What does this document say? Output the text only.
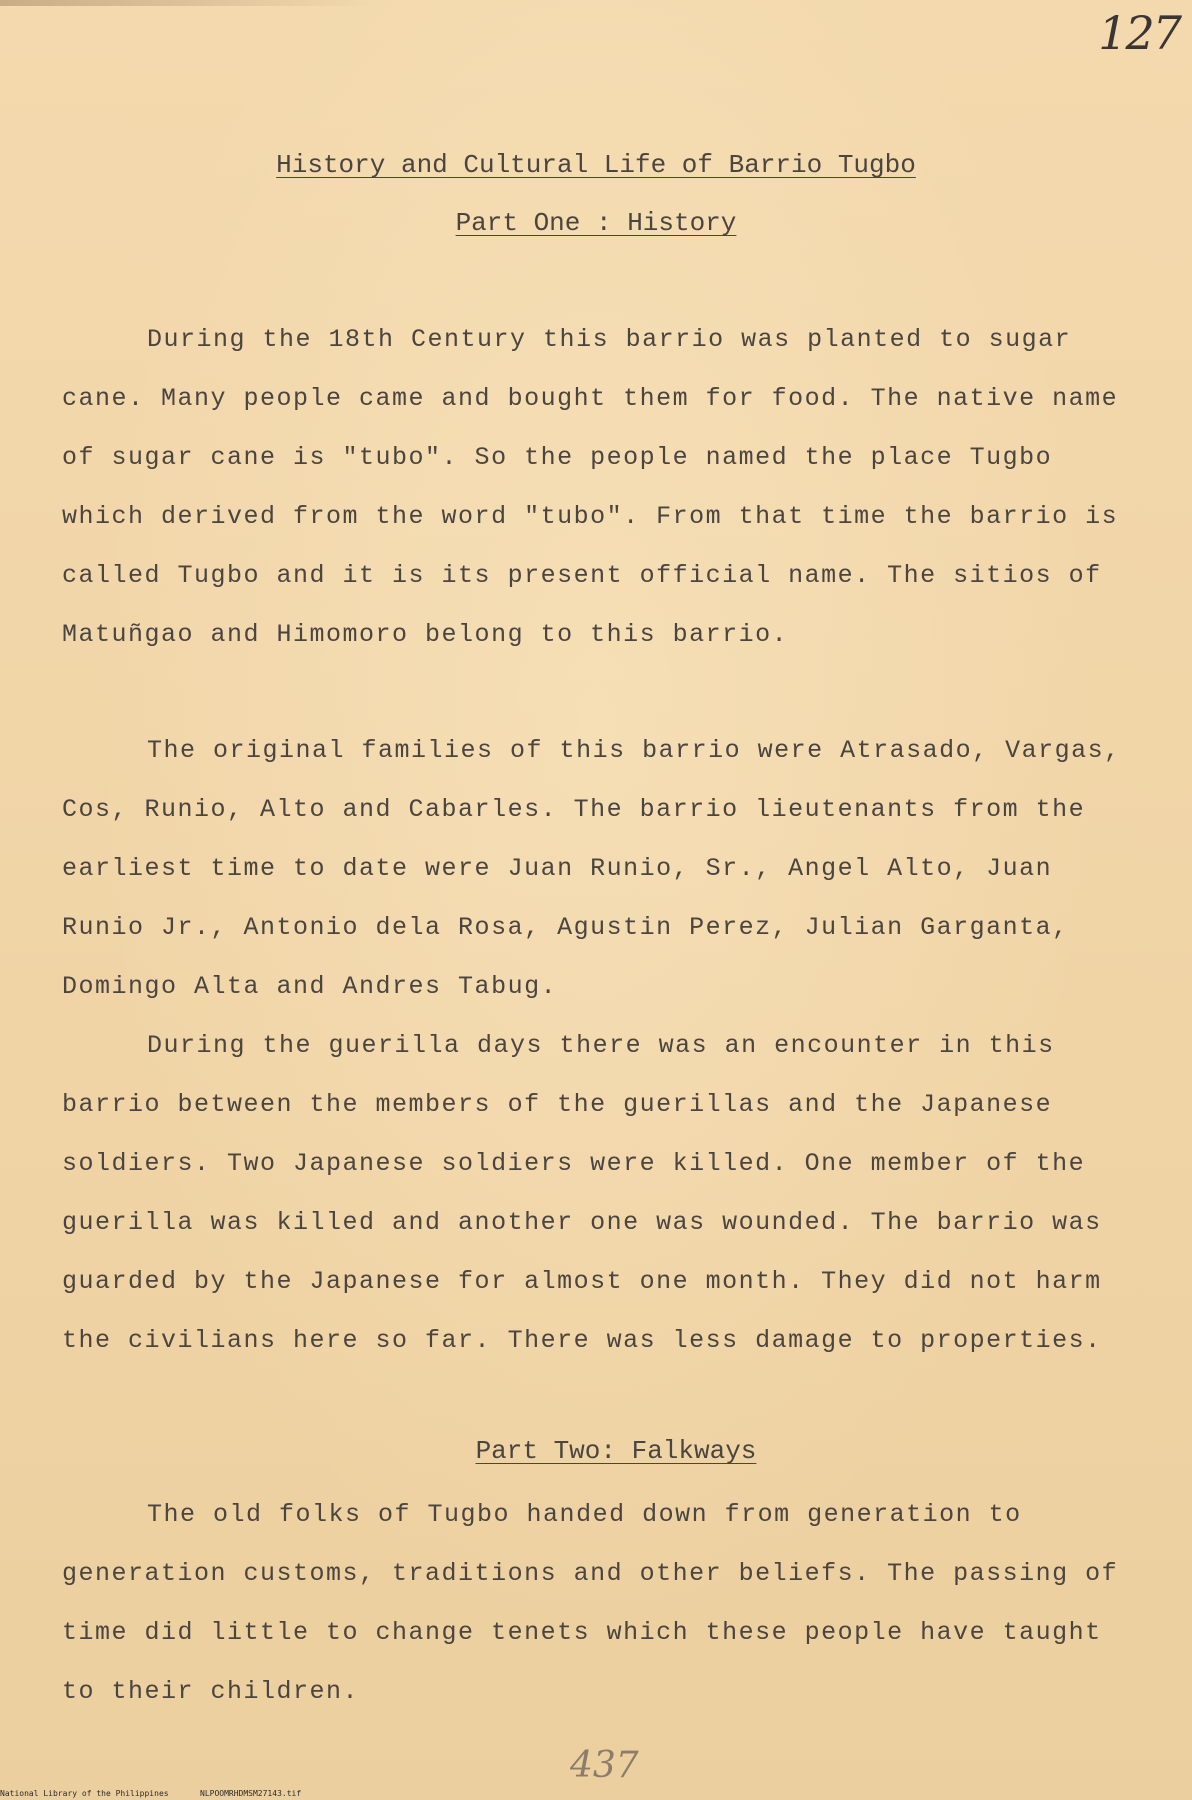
127
History and Cultural Life of Barrio Tugbo
Part One : History

During the 18th Century this barrio was planted to sugar cane. Many people came and bought them for food. The native name of sugar cane is "tubo". So the people named the place Tugbo which derived from the word "tubo". From that time the barrio is called Tugbo and it is its present official name. The sitios of Matuñgao and Himomoro belong to this barrio.

The original families of this barrio were Atrasado, Vargas, Cos, Runio, Alto and Cabarles. The barrio lieutenants from the earliest time to date were Juan Runio, Sr., Angel Alto, Juan Runio Jr., Antonio dela Rosa, Agustin Perez, Julian Garganta, Domingo Alta and Andres Tabug.

During the guerilla days there was an encounter in this barrio between the members of the guerillas and the Japanese soldiers. Two Japanese soldiers were killed. One member of the guerilla was killed and another one was wounded. The barrio was guarded by the Japanese for almost one month. They did not harm the civilians here so far. There was less damage to properties.

Part Two: Falkways

The old folks of Tugbo handed down from generation to generation customs, traditions and other beliefs. The passing of time did little to change tenets which these people have taught to their children.

437
National Library of the Philippines	NLPOOMRHDMSM27143.tif
